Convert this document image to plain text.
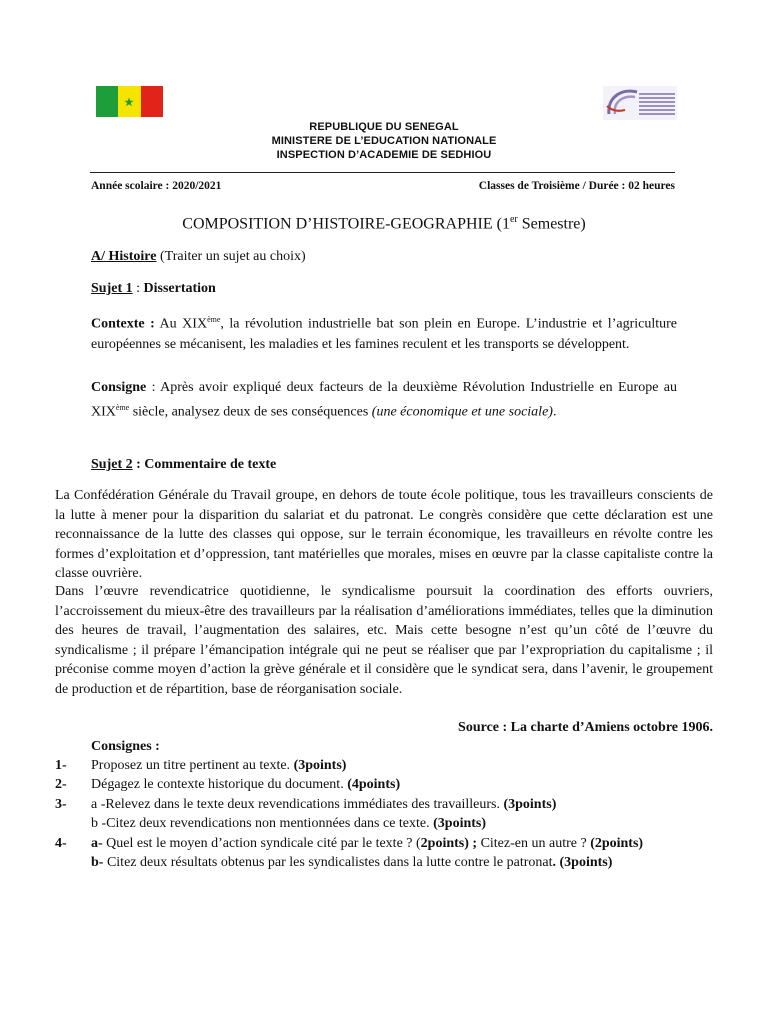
REPUBLIQUE DU SENEGAL
MINISTERE DE L’EDUCATION NATIONALE
INSPECTION D’ACADEMIE DE SEDHIOU
Année scolaire : 2020/2021	Classes de Troisième / Durée : 02 heures
COMPOSITION D’HISTOIRE-GEOGRAPHIE (1er Semestre)
A/ Histoire (Traiter un sujet au choix)
Sujet 1 : Dissertation
Contexte : Au XIXème, la révolution industrielle bat son plein en Europe. L’industrie et l’agriculture européennes se mécanisent, les maladies et les famines reculent et les transports se développent.
Consigne : Après avoir expliqué deux facteurs de la deuxième Révolution Industrielle en Europe au XIXème siècle, analysez deux de ses conséquences (une économique et une sociale).
Sujet 2 : Commentaire de texte
La Confédération Générale du Travail groupe, en dehors de toute école politique, tous les travailleurs conscients de la lutte à mener pour la disparition du salariat et du patronat. Le congrès considère que cette déclaration est une reconnaissance de la lutte des classes qui oppose, sur le terrain économique, les travailleurs en révolte contre les formes d’exploitation et d’oppression, tant matérielles que morales, mises en œuvre par la classe capitaliste contre la classe ouvrière.
Dans l’œuvre revendicatrice quotidienne, le syndicalisme poursuit la coordination des efforts ouvriers, l’accroissement du mieux-être des travailleurs par la réalisation d’améliorations immédiates, telles que la diminution des heures de travail, l’augmentation des salaires, etc. Mais cette besogne n’est qu’un côté de l’œuvre du syndicalisme ; il prépare l’émancipation intégrale qui ne peut se réaliser que par l’expropriation du capitalisme ; il préconise comme moyen d’action la grève générale et il considère que le syndicat sera, dans l’avenir, le groupement de production et de répartition, base de réorganisation sociale.
Source : La charte d’Amiens octobre 1906.
Consignes :
1- Proposez un titre pertinent au texte. (3points)
2- Dégagez le contexte historique du document. (4points)
3- a -Relevez dans le texte deux revendications immédiates des travailleurs. (3points)
b -Citez deux revendications non mentionnées dans ce texte. (3points)
4- a- Quel est le moyen d’action syndicale cité par le texte ? (2points) ; Citez-en un autre ? (2points)
b- Citez deux résultats obtenus par les syndicalistes dans la lutte contre le patronat. (3points)
